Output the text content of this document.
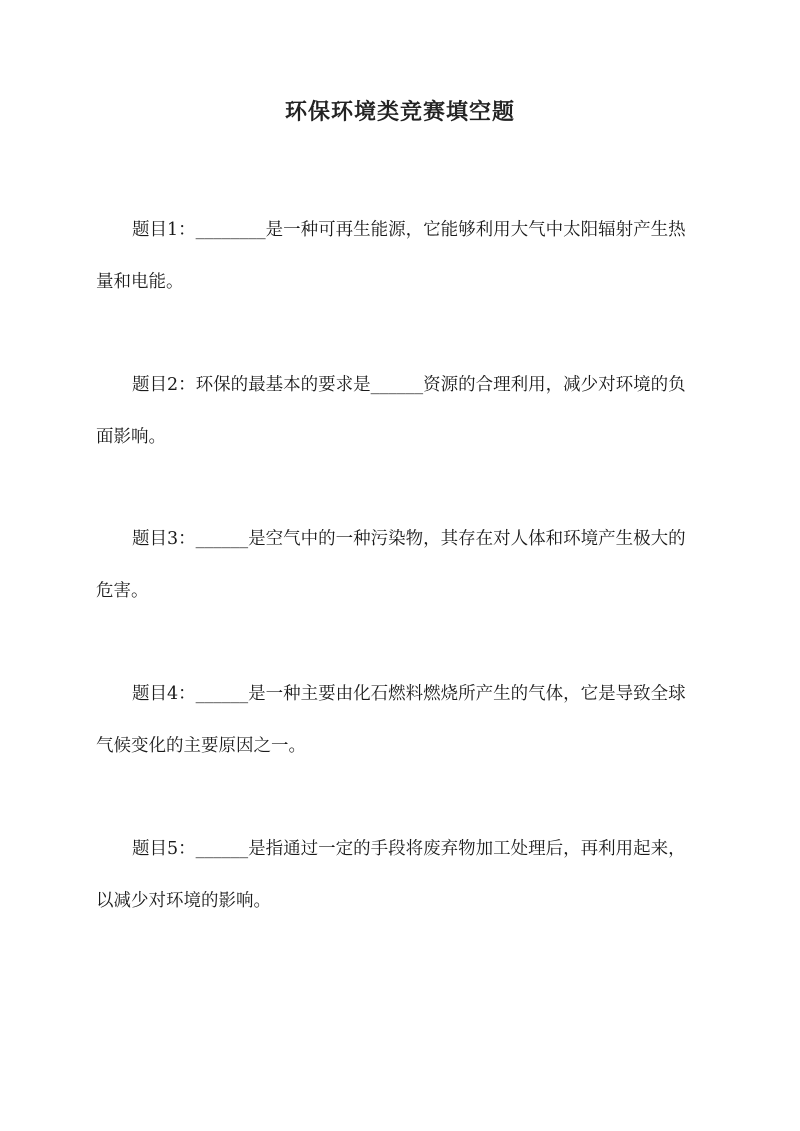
环保环境类竞赛填空题

题目1：________是一种可再生能源，它能够利用大气中太阳辐射产生热量和电能。

题目2：环保的最基本的要求是______资源的合理利用，减少对环境的负面影响。

题目3：______是空气中的一种污染物，其存在对人体和环境产生极大的危害。

题目4：______是一种主要由化石燃料燃烧所产生的气体，它是导致全球气候变化的主要原因之一。

题目5：______是指通过一定的手段将废弃物加工处理后，再利用起来，以减少对环境的影响。
